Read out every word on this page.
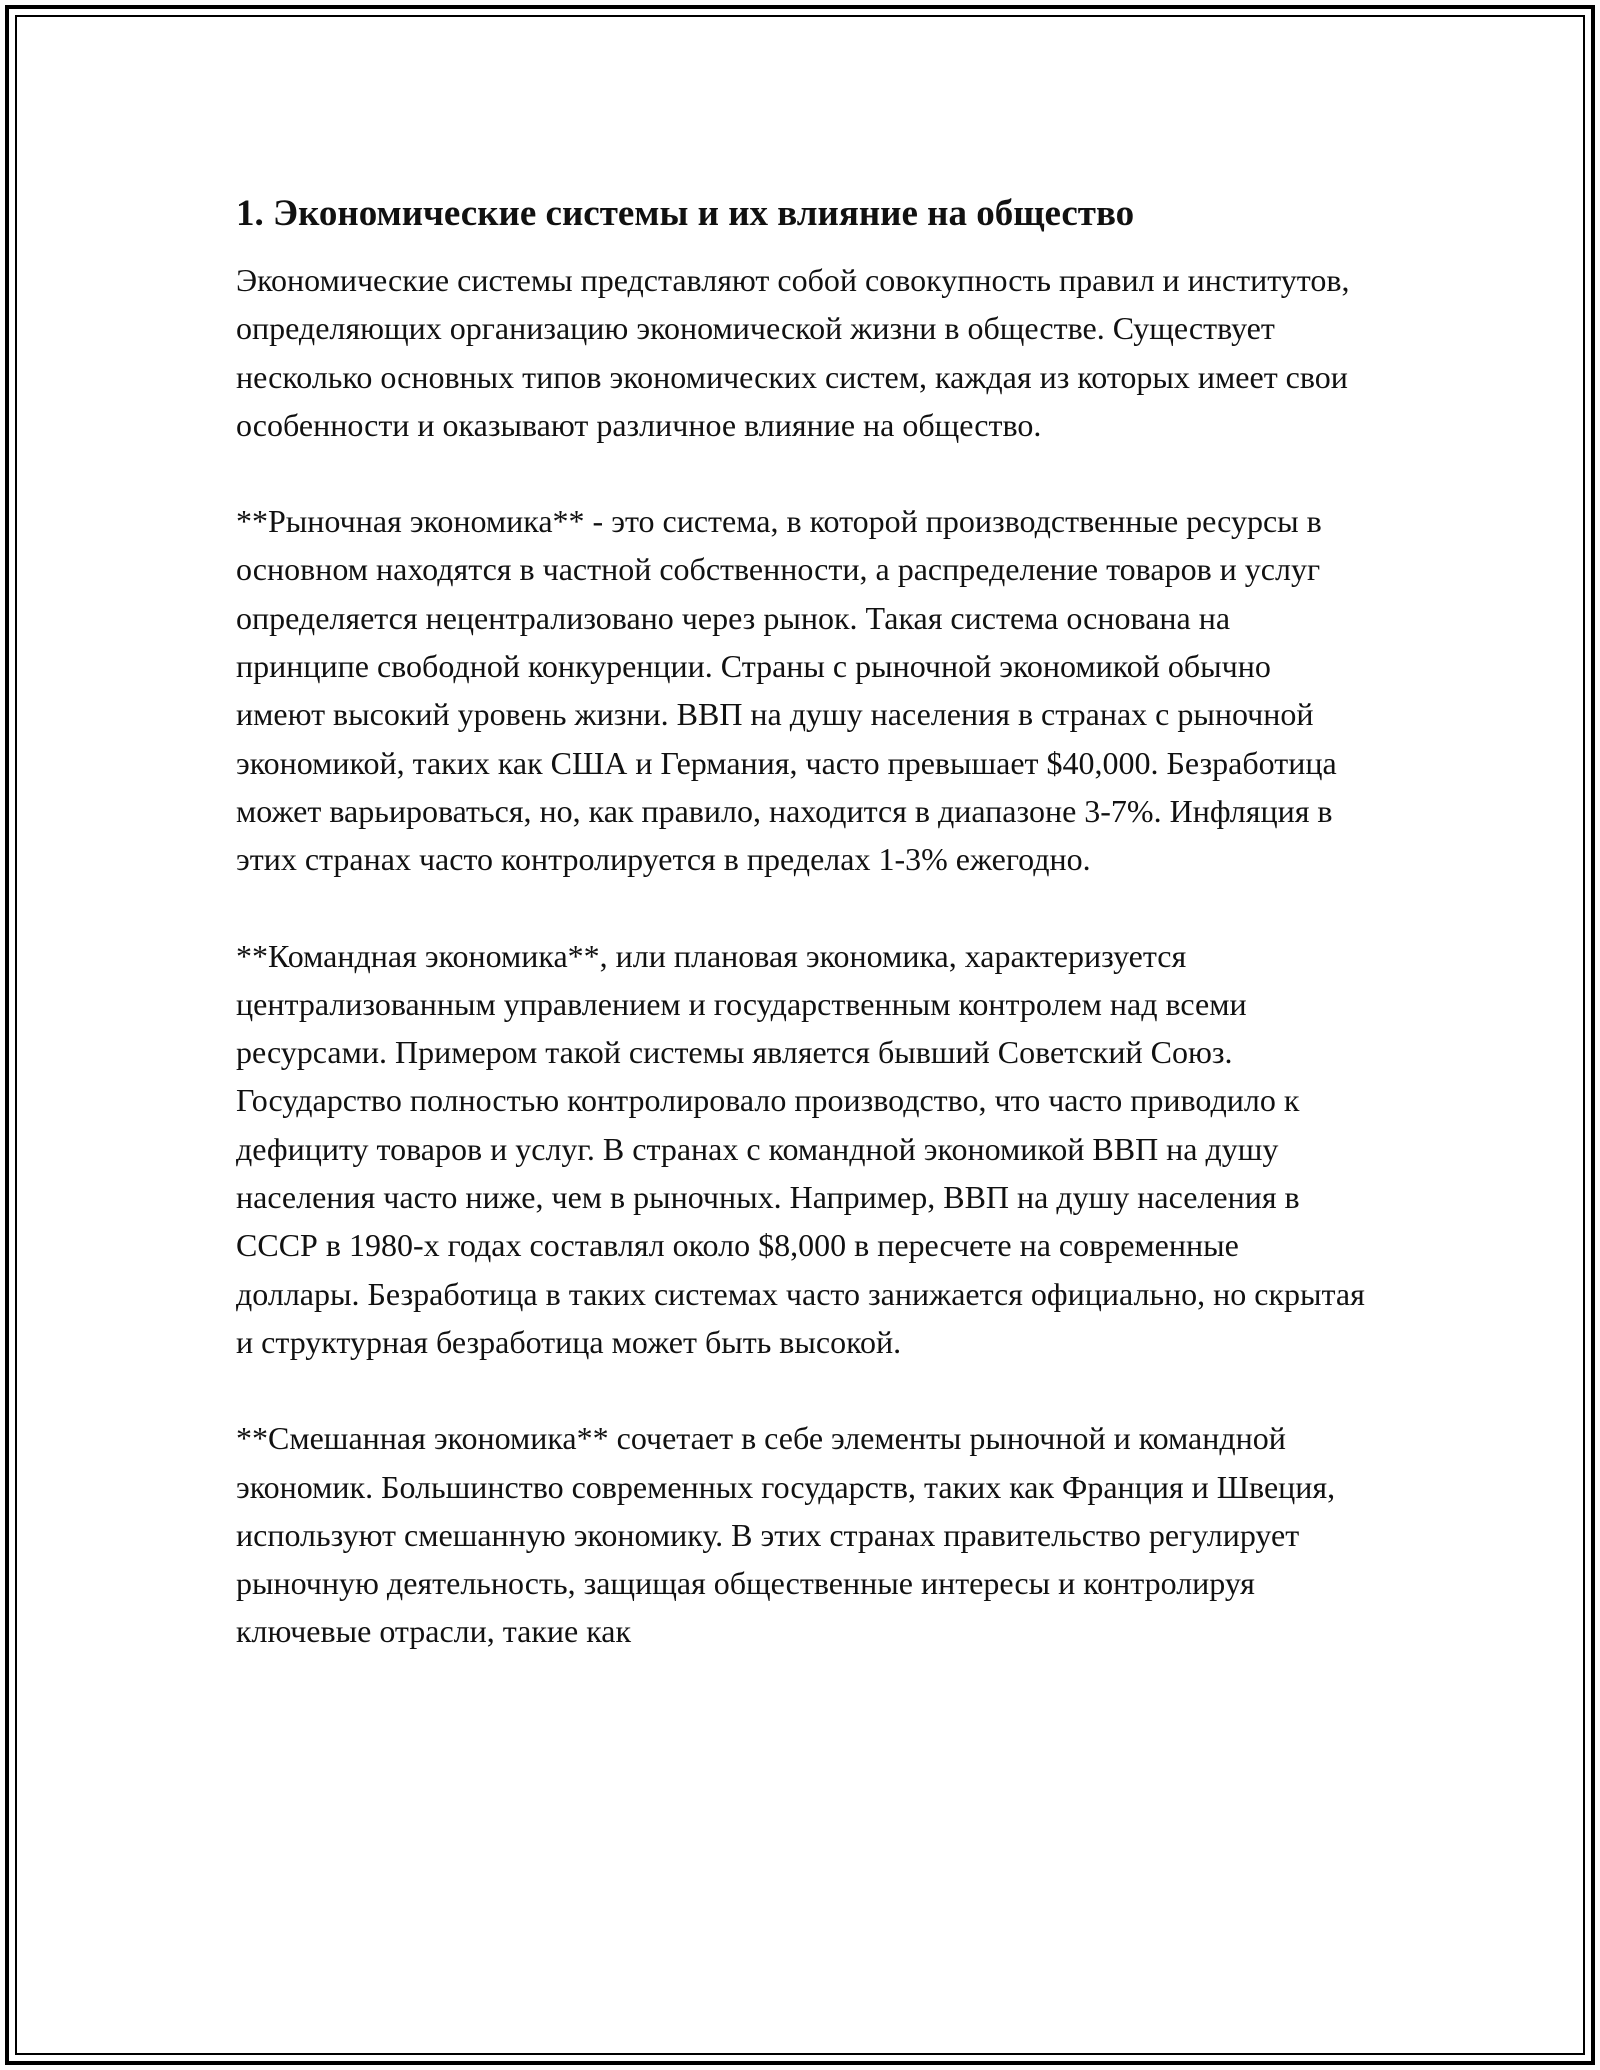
1. Экономические системы и их влияние на общество

Экономические системы представляют собой совокупность правил и институтов, определяющих организацию экономической жизни в обществе. Существует несколько основных типов экономических систем, каждая из которых имеет свои особенности и оказывают различное влияние на общество.

**Рыночная экономика** - это система, в которой производственные ресурсы в основном находятся в частной собственности, а распределение товаров и услуг определяется нецентрализовано через рынок. Такая система основана на принципе свободной конкуренции. Страны с рыночной экономикой обычно имеют высокий уровень жизни. ВВП на душу населения в странах с рыночной экономикой, таких как США и Германия, часто превышает $40,000. Безработица может варьироваться, но, как правило, находится в диапазоне 3-7%. Инфляция в этих странах часто контролируется в пределах 1-3% ежегодно.

**Командная экономика**, или плановая экономика, характеризуется централизованным управлением и государственным контролем над всеми ресурсами. Примером такой системы является бывший Советский Союз. Государство полностью контролировало производство, что часто приводило к дефициту товаров и услуг. В странах с командной экономикой ВВП на душу населения часто ниже, чем в рыночных. Например, ВВП на душу населения в СССР в 1980-х годах составлял около $8,000 в пересчете на современные доллары. Безработица в таких системах часто занижается официально, но скрытая и структурная безработица может быть высокой.

**Смешанная экономика** сочетает в себе элементы рыночной и командной экономик. Большинство современных государств, таких как Франция и Швеция, используют смешанную экономику. В этих странах правительство регулирует рыночную деятельность, защищая общественные интересы и контролируя ключевые отрасли, такие как
